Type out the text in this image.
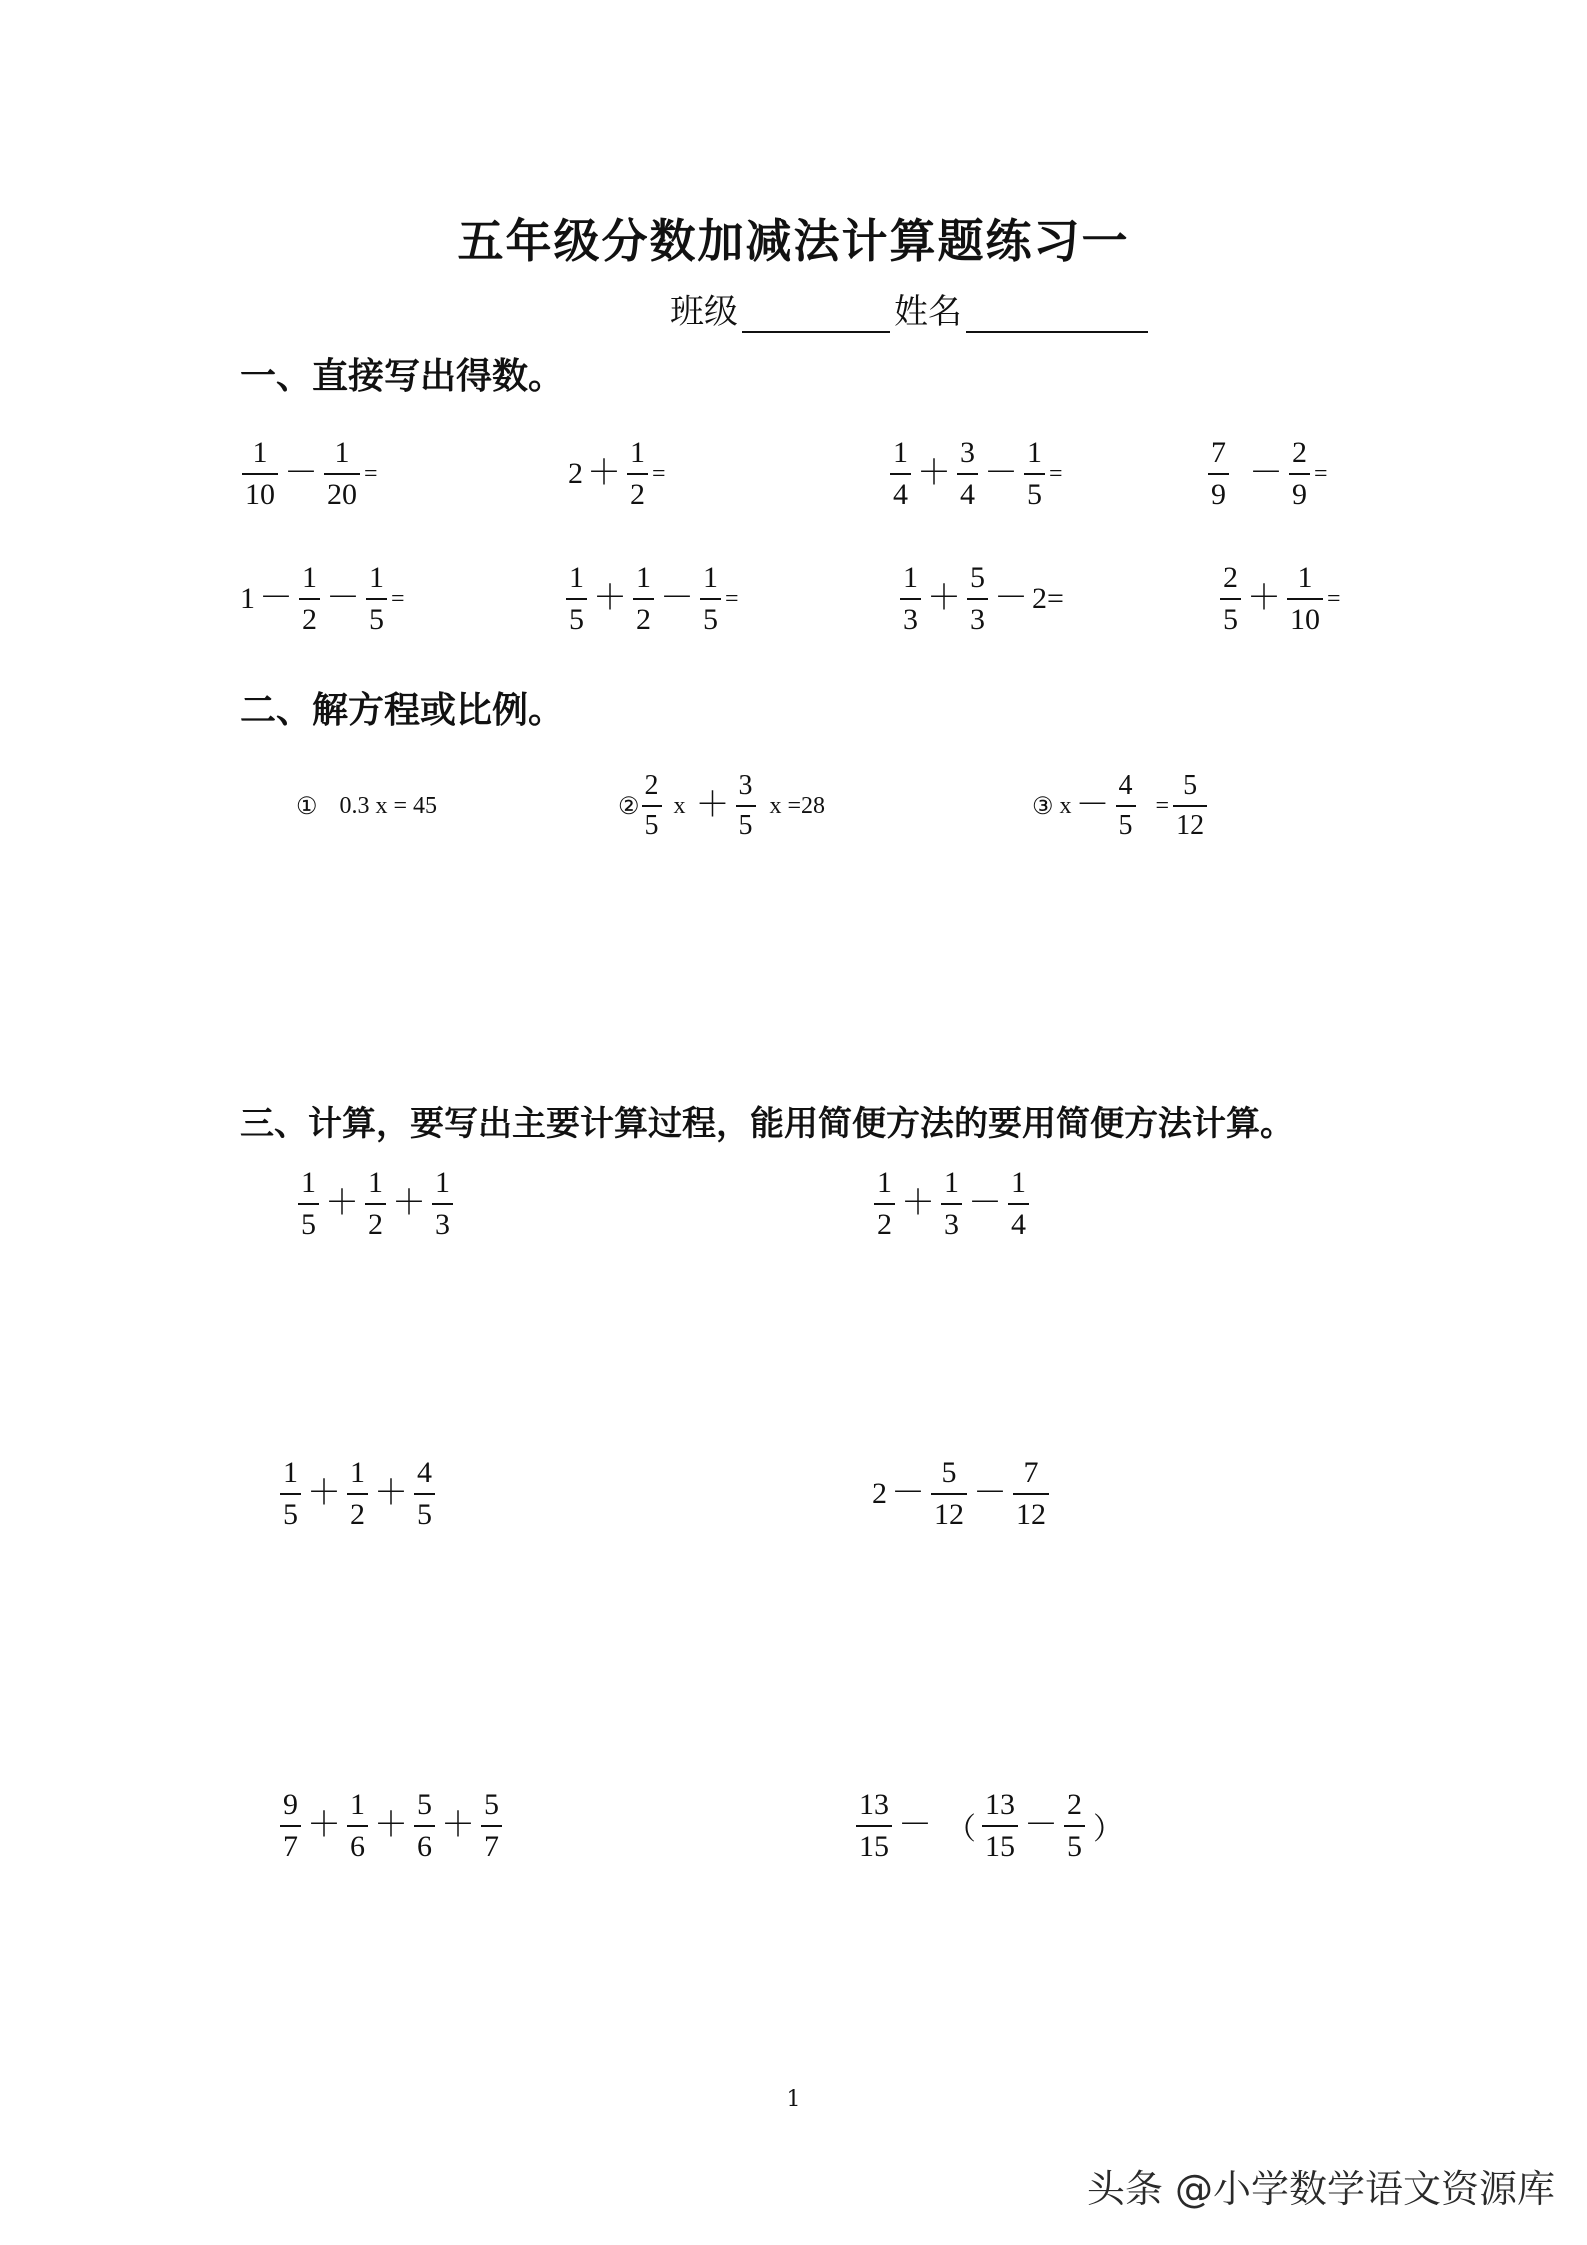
五年级分数加减法计算题练习一
班级	姓名
一、直接写出得数。
$\frac{1}{10} - \frac{1}{20}$ =	$2 + \frac{1}{2}$ =	$\frac{1}{4} + \frac{3}{4} - \frac{1}{5}$ =	$\frac{7}{9} - \frac{2}{9}$ =
$1 - \frac{1}{2} - \frac{1}{5}$ =	$\frac{1}{5} + \frac{1}{2} - \frac{1}{5}$ =	$\frac{1}{3} + \frac{5}{3} - 2=$	$\frac{2}{5} + \frac{1}{10}$ =
二、解方程或比例。
① 0.3 x = 45	② $\frac{2}{5}$ $x + \frac{3}{5}$ x =28	③ $x - \frac{4}{5} = \frac{5}{12}$
三、计算，要写出主要计算过程，能用简便方法的要用简便方法计算。
$\frac{1}{5} + \frac{1}{2} + \frac{1}{3}$	$\frac{1}{2} + \frac{1}{3} - \frac{1}{4}$
$\frac{1}{5} + \frac{1}{2} + \frac{4}{5}$	$2 - \frac{5}{12} - \frac{7}{12}$
$\frac{9}{7} + \frac{1}{6} + \frac{5}{6} + \frac{5}{7}$	$\frac{13}{15}$ － （ $\frac{13}{15} - \frac{2}{5}$ ）
1
头条 @小学数学语文资源库
